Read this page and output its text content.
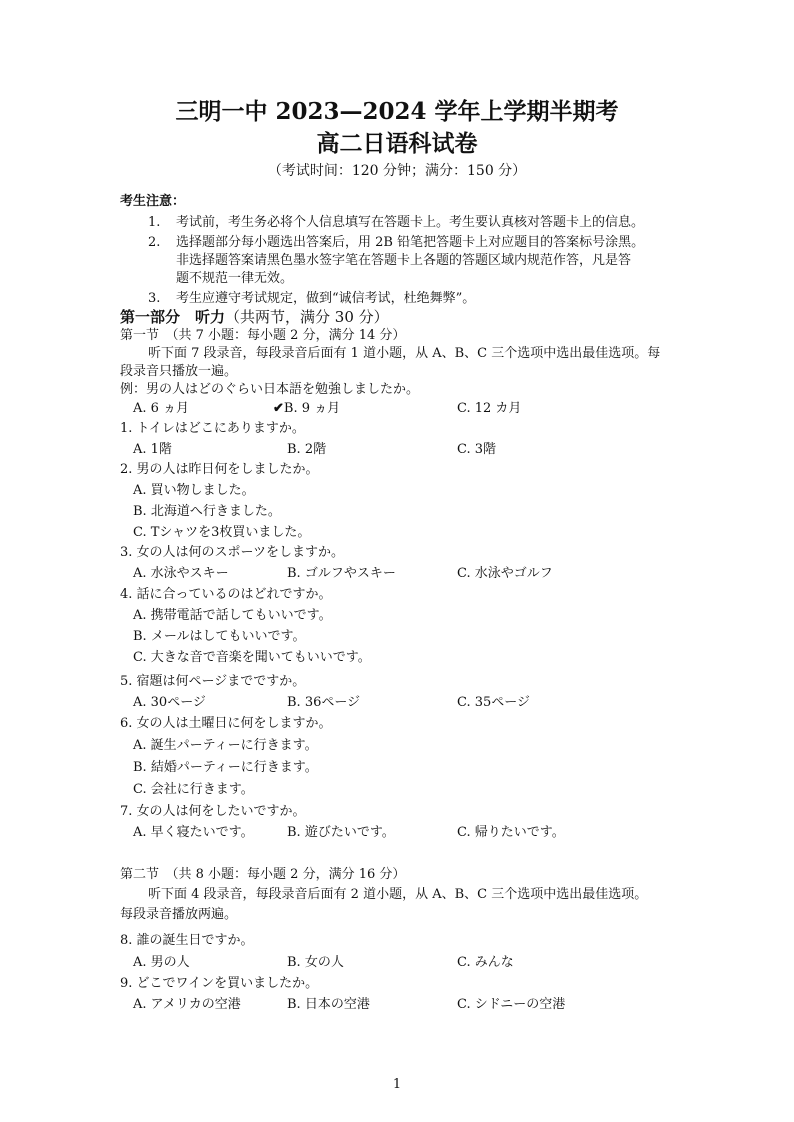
三明一中 2023—2024 学年上学期半期考
高二日语科试卷
（考试时间：120 分钟；满分：150 分）
考生注意：
1. 考试前，考生务必将个人信息填写在答题卡上。考生要认真核对答题卡上的信息。
2. 选择题部分每小题选出答案后，用 2B 铅笔把答题卡上对应题目的答案标号涂黑。
非选择题答案请黑色墨水签字笔在答题卡上各题的答题区域内规范作答，凡是答
题不规范一律无效。
3. 考生应遵守考试规定，做到“诚信考试，杜绝舞弊”。
第一部分　听力（共两节，满分 30 分）
第一节　（共 7 小题：每小题 2 分，满分 14 分）
听下面 7 段录音，每段录音后面有 1 道小题，从 A、B、C 三个选项中选出最佳选项。每
段录音只播放一遍。
例：男の人はどのぐらい日本語を勉強しましたか。
A. 6 ヵ月	✔B. 9 ヵ月	C. 12 カ月
1. トイレはどこにありますか。
A. 1階	B. 2階	C. 3階
2. 男の人は昨日何をしましたか。
A. 買い物しました。
B. 北海道へ行きました。
C. Tシャツを3枚買いました。
3. 女の人は何のスポーツをしますか。
A. 水泳やスキー	B. ゴルフやスキー	C. 水泳やゴルフ
4. 話に合っているのはどれですか。
A. 携帯電話で話してもいいです。
B. メールはしてもいいです。
C. 大きな音で音楽を聞いてもいいです。
5. 宿題は何ページまでですか。
A. 30ページ	B. 36ページ	C. 35ページ
6. 女の人は土曜日に何をしますか。
A. 誕生パーティーに行きます。
B. 結婚パーティーに行きます。
C. 会社に行きます。
7. 女の人は何をしたいですか。
A. 早く寝たいです。	B. 遊びたいです。	C. 帰りたいです。
第二节　（共 8 小题：每小题 2 分，满分 16 分）
听下面 4 段录音，每段录音后面有 2 道小题，从 A、B、C 三个选项中选出最佳选项。
每段录音播放两遍。
8. 誰の誕生日ですか。
A. 男の人	B. 女の人	C. みんな
9. どこでワインを買いましたか。
A. アメリカの空港	B. 日本の空港	C. シドニーの空港
1
